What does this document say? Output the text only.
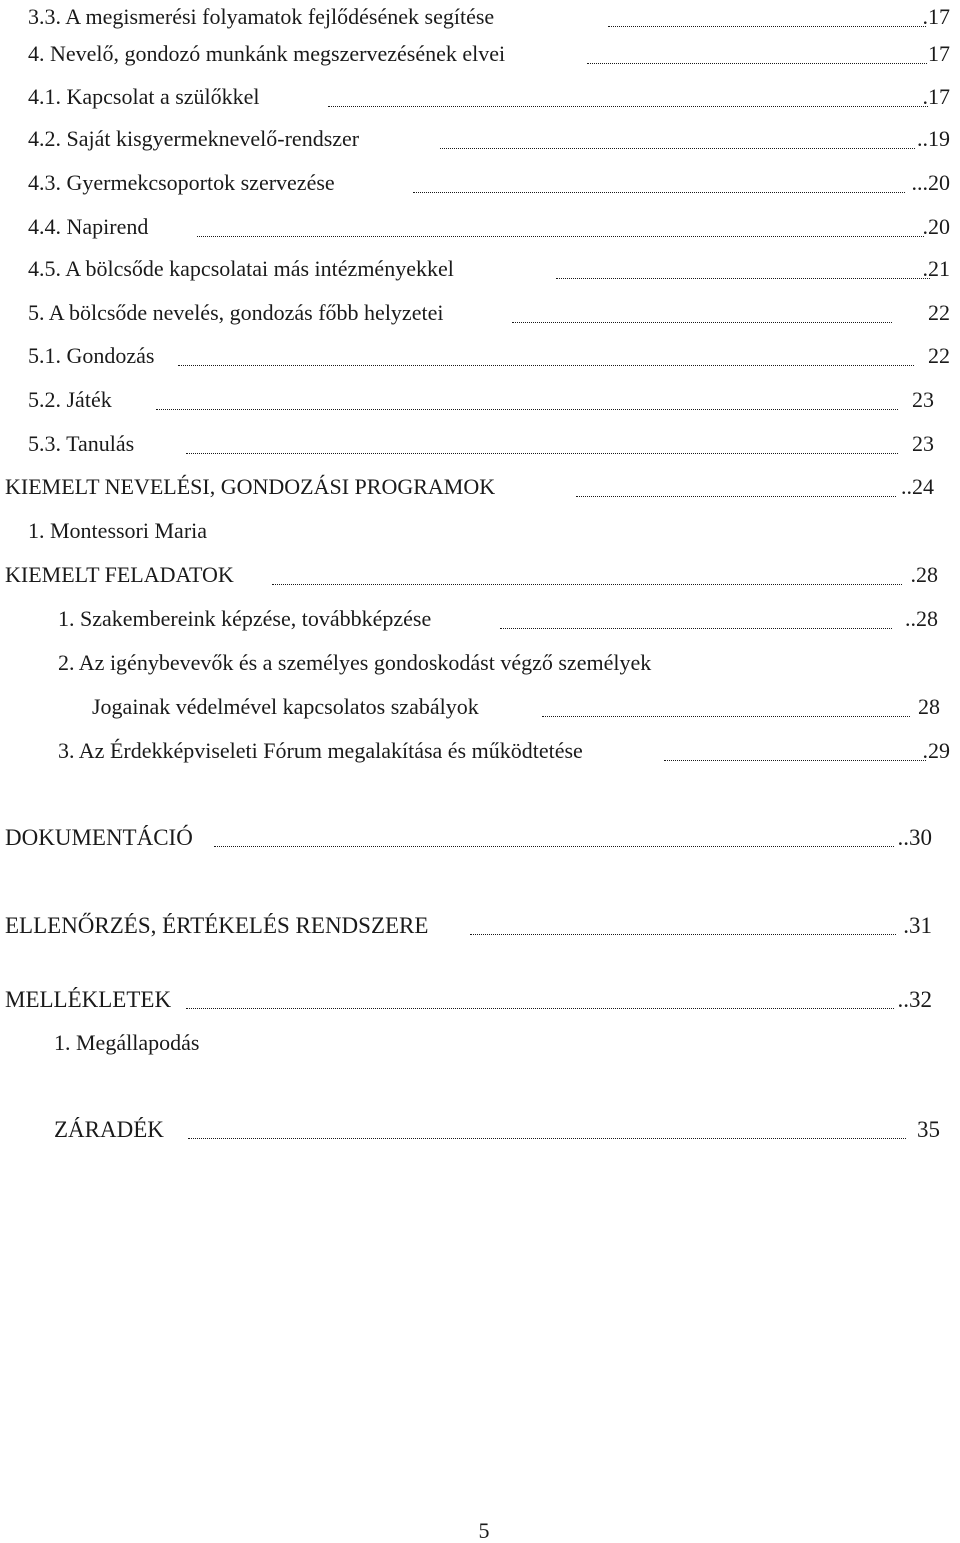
3.3. A megismerési folyamatok fejlődésének segítése	.17
4. Nevelő, gondozó munkánk megszervezésének elvei	17
4.1. Kapcsolat a szülőkkel	.17
4.2. Saját kisgyermeknevelő-rendszer	..19
4.3. Gyermekcsoportok szervezése	...20
4.4. Napirend	.20
4.5. A bölcsőde kapcsolatai más intézményekkel	.21
5. A bölcsőde nevelés, gondozás főbb helyzetei	22
5.1. Gondozás	22
5.2. Játék	23
5.3. Tanulás	23
KIEMELT NEVELÉSI, GONDOZÁSI PROGRAMOK	..24
1. Montessori Maria
KIEMELT FELADATOK	.28
1. Szakembereink képzése, továbbképzése	..28
2. Az igénybevevők és a személyes gondoskodást végző személyek
Jogainak védelmével kapcsolatos szabályok	28
3. Az Érdekképviseleti Fórum megalakítása és működtetése	.29
DOKUMENTÁCIÓ	..30
ELLENŐRZÉS, ÉRTÉKELÉS RENDSZERE	.31
MELLÉKLETEK	..32
1. Megállapodás
ZÁRADÉK	35
5
